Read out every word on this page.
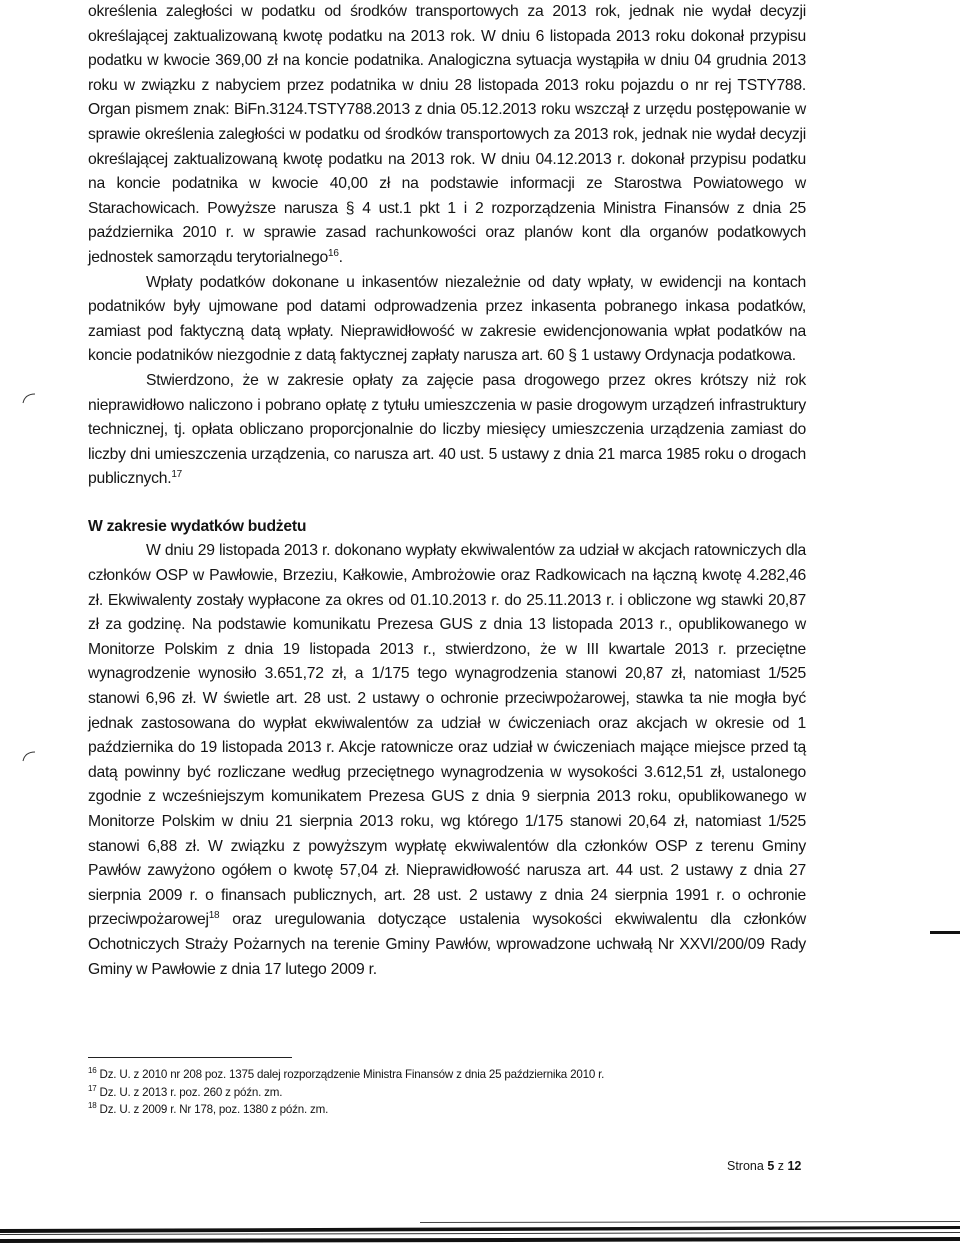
określenia zaległości w podatku od środków transportowych za 2013 rok, jednak nie wydał decyzji określającej zaktualizowaną kwotę podatku na 2013 rok. W dniu 6 listopada 2013 roku dokonał przypisu podatku w kwocie 369,00 zł na koncie podatnika. Analogiczna sytuacja wystąpiła w dniu 04 grudnia 2013 roku w związku z nabyciem przez podatnika w dniu 28 listopada 2013 roku pojazdu o nr rej TSTY788. Organ pismem znak: BiFn.3124.TSTY788.2013 z dnia 05.12.2013 roku wszczął z urzędu postępowanie w sprawie określenia zaległości w podatku od środków transportowych za 2013 rok, jednak nie wydał decyzji określającej zaktualizowaną kwotę podatku na 2013 rok. W dniu 04.12.2013 r. dokonał przypisu podatku na koncie podatnika w kwocie 40,00 zł na podstawie informacji ze Starostwa Powiatowego w Starachowicach. Powyższe narusza § 4 ust.1 pkt 1 i 2 rozporządzenia Ministra Finansów z dnia 25 października 2010 r. w sprawie zasad rachunkowości oraz planów kont dla organów podatkowych jednostek samorządu terytorialnego$^{16}$.

Wpłaty podatków dokonane u inkasentów niezależnie od daty wpłaty, w ewidencji na kontach podatników były ujmowane pod datami odprowadzenia przez inkasenta pobranego inkasa podatków, zamiast pod faktyczną datą wpłaty. Nieprawidłowość w zakresie ewidencjonowania wpłat podatków na koncie podatników niezgodnie z datą faktycznej zapłaty narusza art. 60 § 1 ustawy Ordynacja podatkowa.

Stwierdzono, że w zakresie opłaty za zajęcie pasa drogowego przez okres krótszy niż rok nieprawidłowo naliczono i pobrano opłatę z tytułu umieszczenia w pasie drogowym urządzeń infrastruktury technicznej, tj. opłata obliczano proporcjonalnie do liczby miesięcy umieszczenia urządzenia zamiast do liczby dni umieszczenia urządzenia, co narusza art. 40 ust. 5 ustawy z dnia 21 marca 1985 roku o drogach publicznych.$^{17}$

W zakresie wydatków budżetu

W dniu 29 listopada 2013 r. dokonano wypłaty ekwiwalentów za udział w akcjach ratowniczych dla członków OSP w Pawłowie, Brzeziu, Kałkowie, Ambrożowie oraz Radkowicach na łączną kwotę 4.282,46 zł. Ekwiwalenty zostały wypłacone za okres od 01.10.2013 r. do 25.11.2013 r. i obliczone wg stawki 20,87 zł za godzinę. Na podstawie komunikatu Prezesa GUS z dnia 13 listopada 2013 r., opublikowanego w Monitorze Polskim z dnia 19 listopada 2013 r., stwierdzono, że w III kwartale 2013 r. przeciętne wynagrodzenie wynosiło 3.651,72 zł, a 1/175 tego wynagrodzenia stanowi 20,87 zł, natomiast 1/525 stanowi 6,96 zł. W świetle art. 28 ust. 2 ustawy o ochronie przeciwpożarowej, stawka ta nie mogła być jednak zastosowana do wypłat ekwiwalentów za udział w ćwiczeniach oraz akcjach w okresie od 1 października do 19 listopada 2013 r. Akcje ratownicze oraz udział w ćwiczeniach mające miejsce przed tą datą powinny być rozliczane według przeciętnego wynagrodzenia w wysokości 3.612,51 zł, ustalonego zgodnie z wcześniejszym komunikatem Prezesa GUS z dnia 9 sierpnia 2013 roku, opublikowanego w Monitorze Polskim w dniu 21 sierpnia 2013 roku, wg którego 1/175 stanowi 20,64 zł, natomiast 1/525 stanowi 6,88 zł. W związku z powyższym wypłatę ekwiwalentów dla członków OSP z terenu Gminy Pawłów zawyżono ogółem o kwotę 57,04 zł. Nieprawidłowość narusza art. 44 ust. 2 ustawy z dnia 27 sierpnia 2009 r. o finansach publicznych, art. 28 ust. 2 ustawy z dnia 24 sierpnia 1991 r. o ochronie przeciwpożarowej$^{18}$ oraz uregulowania dotyczące ustalenia wysokości ekwiwalentu dla członków Ochotniczych Straży Pożarnych na terenie Gminy Pawłów, wprowadzone uchwałą Nr XXVI/200/09 Rady Gminy w Pawłowie z dnia 17 lutego 2009 r.

$^{16}$ Dz. U. z 2010 nr 208 poz. 1375 dalej rozporządzenie Ministra Finansów z dnia 25 października 2010 r.
$^{17}$ Dz. U. z 2013 r. poz. 260 z późn. zm.
$^{18}$ Dz. U. z 2009 r. Nr 178, poz. 1380 z późn. zm.
Strona 5 z 12
